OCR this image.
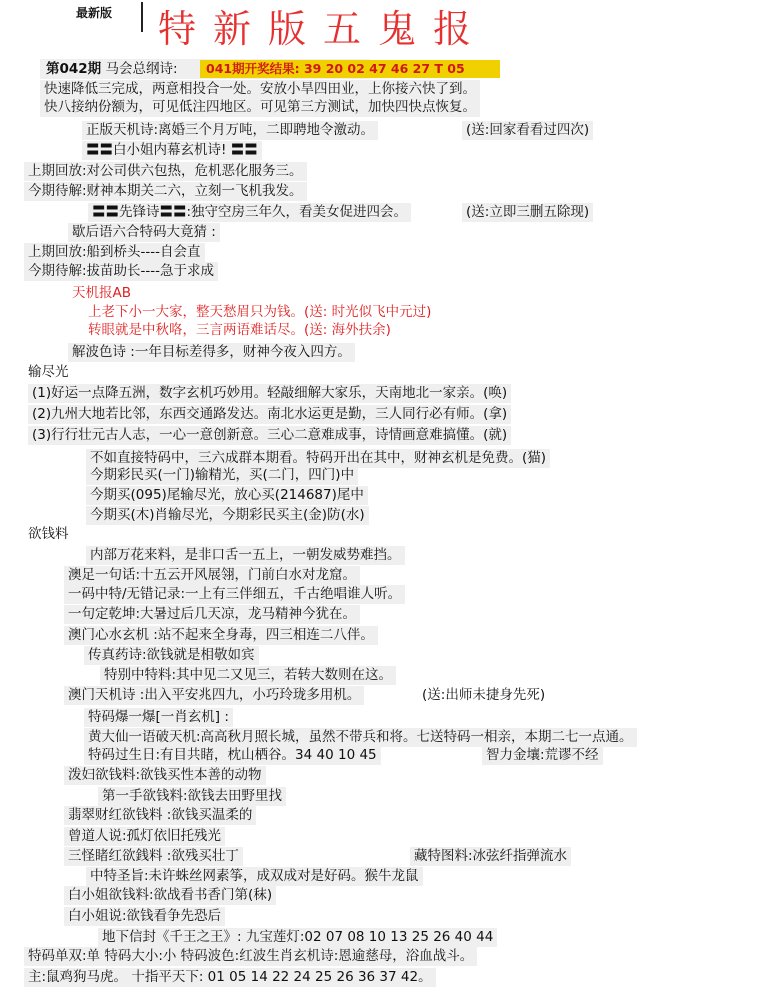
最新版 特新版五鬼报
第042期 马会总纲诗:	041期开奖结果: 39 20 02 47 46 27 T 05
快速降低三完成，两意相投合一处。安放小旱四田业，上你接六快了到。
快八接纳份额为，可见低注四地区。可见第三方测试，加快四快点恢复。
正版天机诗:离婚三个月万吨，二即聘地令激动。	(送:回家看看过四次)
〓〓白小姐内幕玄机诗! 〓〓
上期回放:对公司供六包热，危机恶化服务三。
今期待解:财神本期关二六，立刻一飞机我发。
〓〓先锋诗〓〓:独守空房三年久，看美女促进四会。	(送:立即三删五除现)
歇后语六合特码大竟猜 :
上期回放:船到桥头----自会直
今期待解:拔苗助长----急于求成
天机报AB
上老下小一大家，整天愁眉只为钱。(送: 时光似飞中元过)
转眼就是中秋咯，三言两语难话尽。(送: 海外扶余)
解波色诗 :一年目标差得多，财神今夜入四方。
输尽光
(1)好运一点降五洲，数字玄机巧妙用。轻敲细解大家乐，天南地北一家亲。(唤)
(2)九州大地若比邻，东西交通路发达。南北水运更是勤，三人同行必有师。(拿)
(3)行行壮元古人志，一心一意创新意。三心二意难成事，诗情画意难搞懂。(就)
不如直接特码中，三六成群本期看。特码开出在其中，财神玄机是免费。(猫)
今期彩民买(一门)输精光，买(二门，四门)中
今期买(095)尾输尽光，放心买(214687)尾中
今期买(木)肖输尽光，今期彩民买主(金)防(水)
欲钱料
内部万花来料，是非口舌一五上，一朝发威势难挡。
澳足一句话:十五云开风展翎，门前白水对龙窟。
一码中特/无错记录:一上有三伴细五，千古绝唱谁人听。
一句定乾坤:大暑过后几天凉，龙马精神今犹在。
澳门心水玄机 :站不起来全身毒，四三相连二八伴。
传真药诗:欲钱就是相敬如宾
特别中特料:其中见二又见三，若转大数则在这。
澳门天机诗 :出入平安兆四九，小巧玲珑多用机。	(送:出师未捷身先死)
特码爆一爆[一肖玄机] :
黄大仙一语破天机:高高秋月照长城，虽然不带兵和将。七送特码一相亲，本期二七一点通。
特码过生日:有目共睹，枕山栖谷。34 40 10 45	智力金壤:荒谬不经
泼妇欲钱料:欲钱买性本善的动物
第一手欲钱料:欲钱去田野里找
翡翠财红欲钱料 :欲钱买温柔的
曾道人说:孤灯依旧托残光
三怪睹红欲銭料 :欲残买壮丁	藏特图料:冰弦纤指弹流水
中特圣旨:未许蛛丝网素筝，成双成对是好码。猴牛龙鼠
白小姐欲钱料:欲战看书香门第(秣)
白小姐说:欲钱看争先恐后
地下信封《千王之王》: 九宝莲灯:02 07 08 10 13 25 26 40 44
特码单双:单 特码大小:小 特码波色:红波生肖玄机诗:恩逾慈母，浴血战斗。
主:鼠鸡狗马虎。 十指平天下: 01 05 14 22 24 25 26 36 37 42。
